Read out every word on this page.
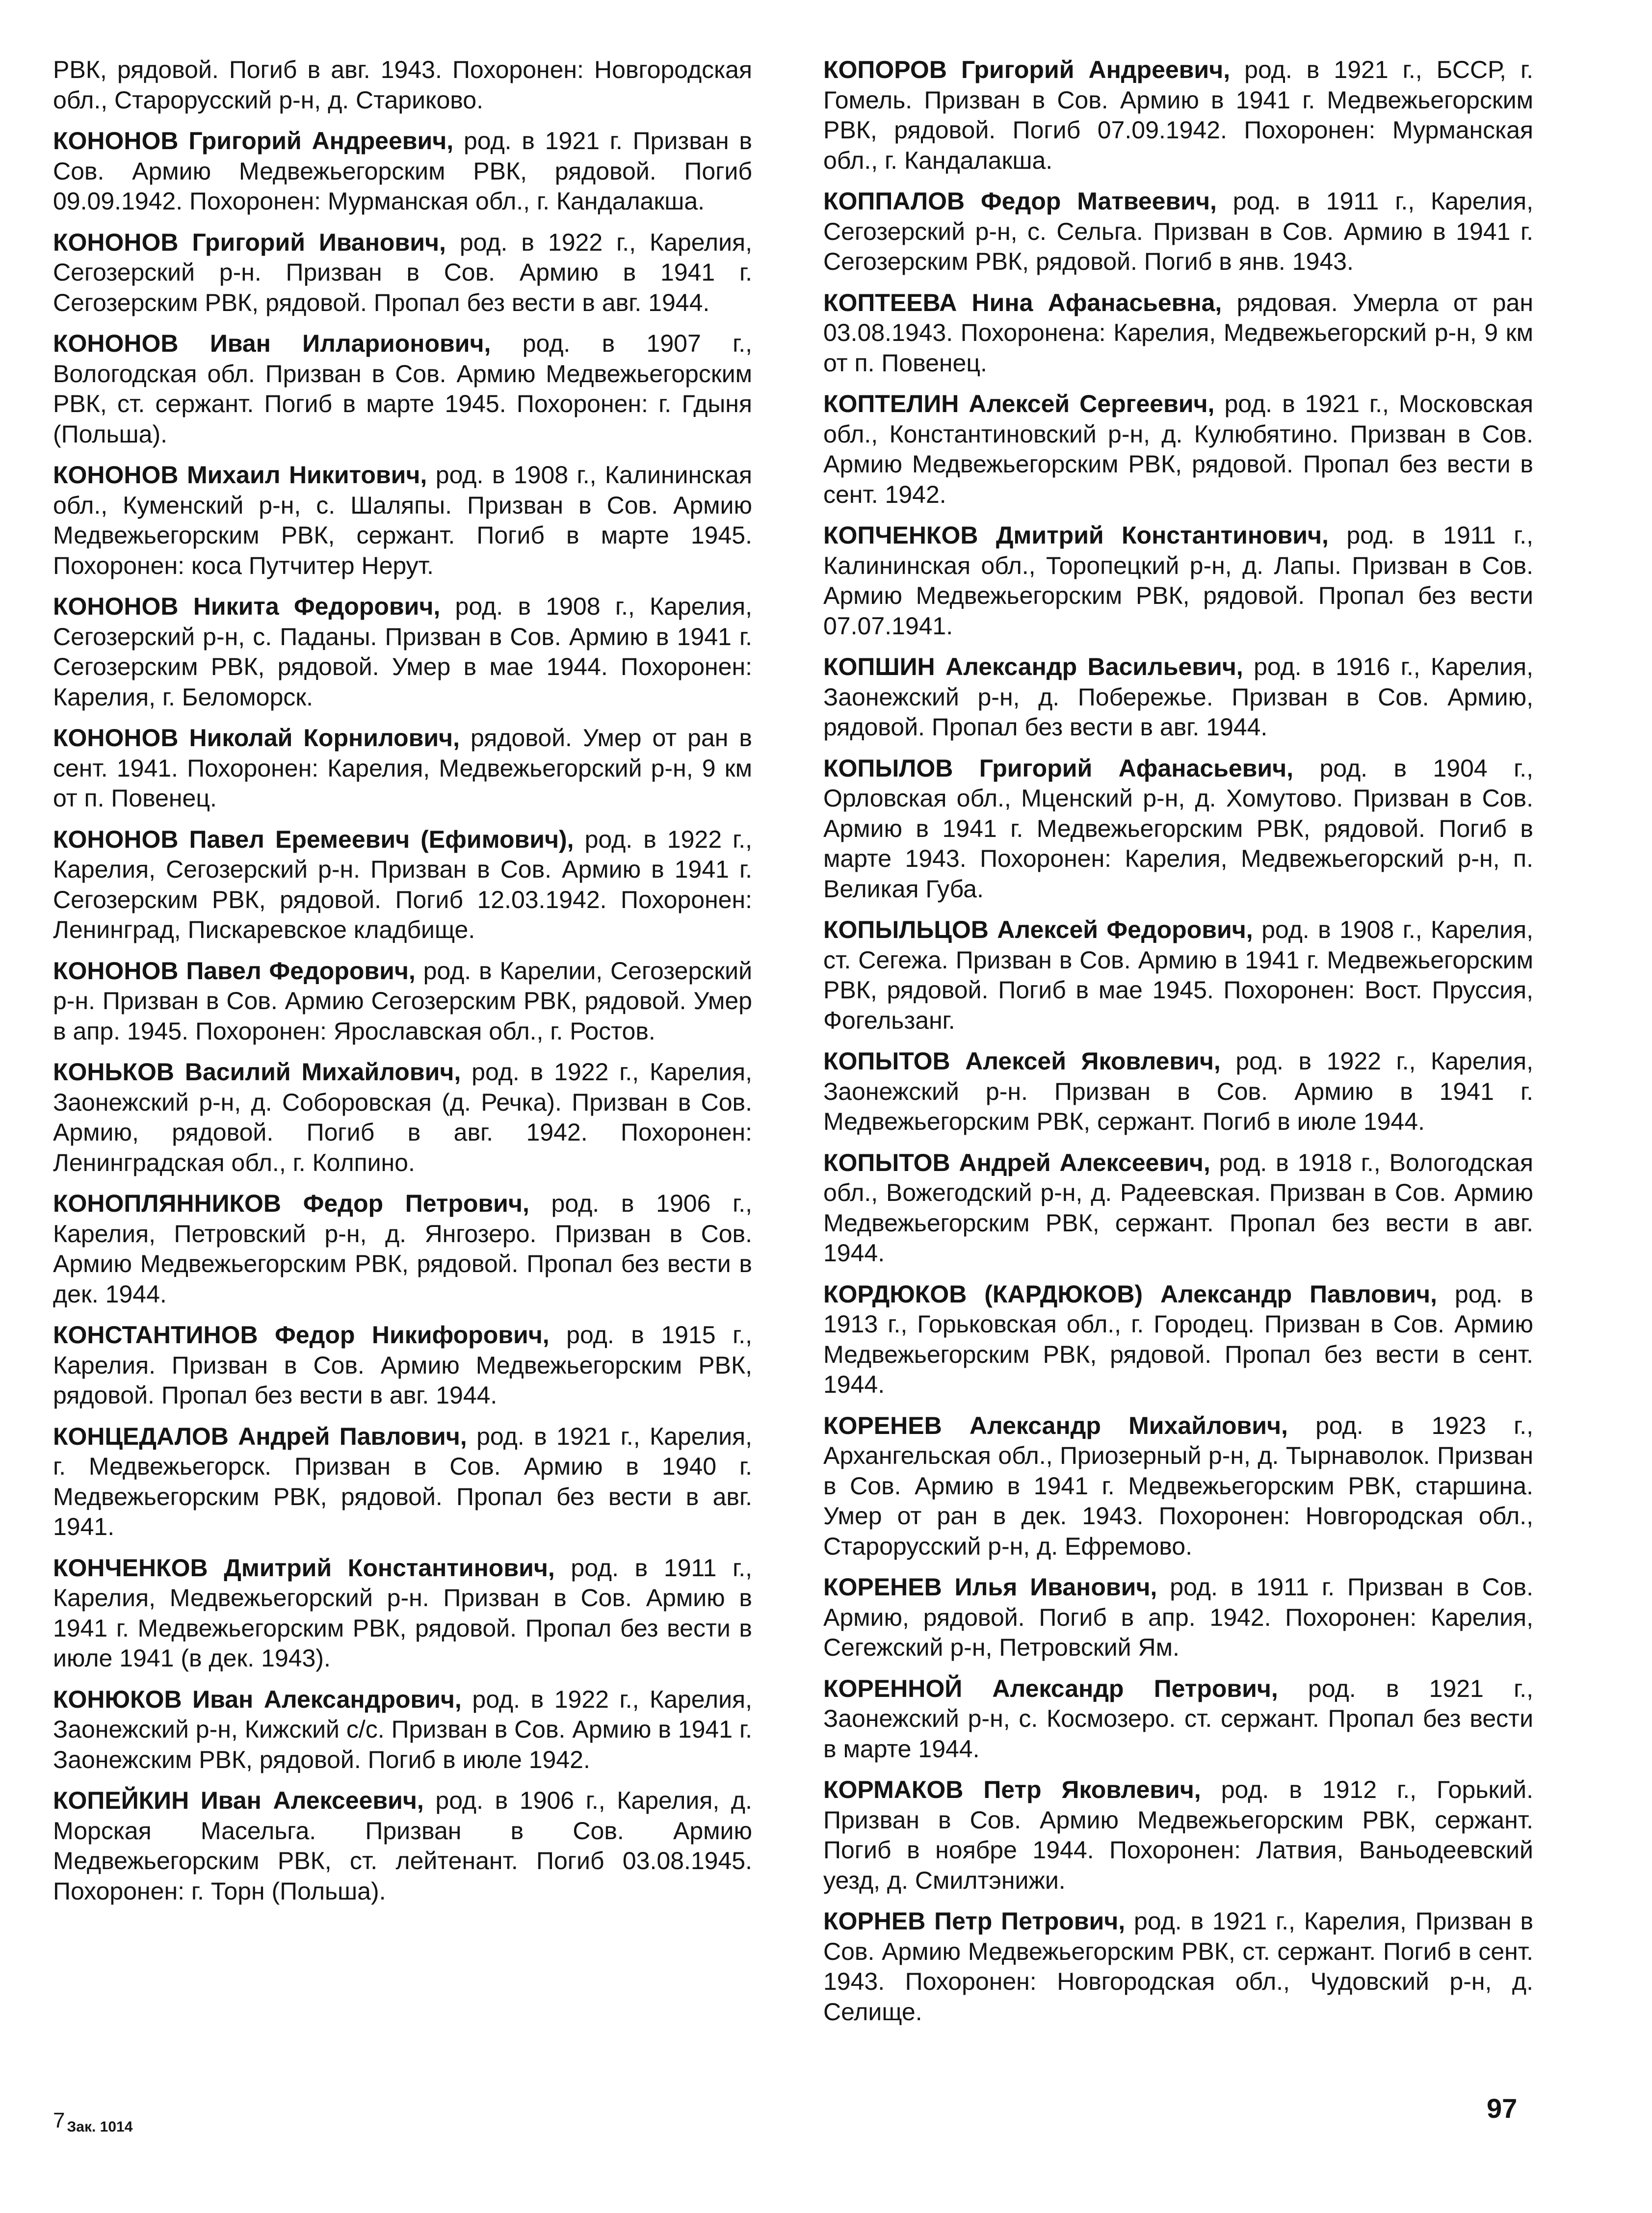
РВК, рядовой. Погиб в авг. 1943. Похоронен: Новгородская обл., Старорусский р-н, д. Стариково.

КОНОНОВ Григорий Андреевич, род. в 1921 г. Призван в Сов. Армию Медвежьегорским РВК, рядовой. Погиб 09.09.1942. Похоронен: Мурманская обл., г. Кандалакша.

КОНОНОВ Григорий Иванович, род. в 1922 г., Карелия, Сегозерский р-н. Призван в Сов. Армию в 1941 г. Сегозерским РВК, рядовой. Пропал без вести в авг. 1944.

КОНОНОВ Иван Илларионович, род. в 1907 г., Вологодская обл. Призван в Сов. Армию Медвежьегорским РВК, ст. сержант. Погиб в марте 1945. Похоронен: г. Гдыня (Польша).

КОНОНОВ Михаил Никитович, род. в 1908 г., Калининская обл., Куменский р-н, с. Шаляпы. Призван в Сов. Армию Медвежьегорским РВК, сержант. Погиб в марте 1945. Похоронен: коса Путчитер Нерут.

КОНОНОВ Никита Федорович, род. в 1908 г., Карелия, Сегозерский р-н, с. Паданы. Призван в Сов. Армию в 1941 г. Сегозерским РВК, рядовой. Умер в мае 1944. Похоронен: Карелия, г. Беломорск.

КОНОНОВ Николай Корнилович, рядовой. Умер от ран в сент. 1941. Похоронен: Карелия, Медвежьегорский р-н, 9 км от п. Повенец.

КОНОНОВ Павел Еремеевич (Ефимович), род. в 1922 г., Карелия, Сегозерский р-н. Призван в Сов. Армию в 1941 г. Сегозерским РВК, рядовой. Погиб 12.03.1942. Похоронен: Ленинград, Пискаревское кладбище.

КОНОНОВ Павел Федорович, род. в Карелии, Сегозерский р-н. Призван в Сов. Армию Сегозерским РВК, рядовой. Умер в апр. 1945. Похоронен: Ярославская обл., г. Ростов.

КОНЬКОВ Василий Михайлович, род. в 1922 г., Карелия, Заонежский р-н, д. Соборовская (д. Речка). Призван в Сов. Армию, рядовой. Погиб в авг. 1942. Похоронен: Ленинградская обл., г. Колпино.

КОНОПЛЯННИКОВ Федор Петрович, род. в 1906 г., Карелия, Петровский р-н, д. Янгозеро. Призван в Сов. Армию Медвежьегорским РВК, рядовой. Пропал без вести в дек. 1944.

КОНСТАНТИНОВ Федор Никифорович, род. в 1915 г., Карелия. Призван в Сов. Армию Медвежьегорским РВК, рядовой. Пропал без вести в авг. 1944.

КОНЦЕДАЛОВ Андрей Павлович, род. в 1921 г., Карелия, г. Медвежьегорск. Призван в Сов. Армию в 1940 г. Медвежьегорским РВК, рядовой. Пропал без вести в авг. 1941.

КОНЧЕНКОВ Дмитрий Константинович, род. в 1911 г., Карелия, Медвежьегорский р-н. Призван в Сов. Армию в 1941 г. Медвежьегорским РВК, рядовой. Пропал без вести в июле 1941 (в дек. 1943).

КОНЮКОВ Иван Александрович, род. в 1922 г., Карелия, Заонежский р-н, Кижский с/с. Призван в Сов. Армию в 1941 г. Заонежским РВК, рядовой. Погиб в июле 1942.

КОПЕЙКИН Иван Алексеевич, род. в 1906 г., Карелия, д. Морская Масельга. Призван в Сов. Армию Медвежьегорским РВК, ст. лейтенант. Погиб 03.08.1945. Похоронен: г. Торн (Польша).

КОПОРОВ Григорий Андреевич, род. в 1921 г., БССР, г. Гомель. Призван в Сов. Армию в 1941 г. Медвежьегорским РВК, рядовой. Погиб 07.09.1942. Похоронен: Мурманская обл., г. Кандалакша.

КОППАЛОВ Федор Матвеевич, род. в 1911 г., Карелия, Сегозерский р-н, с. Сельга. Призван в Сов. Армию в 1941 г. Сегозерским РВК, рядовой. Погиб в янв. 1943.

КОПТЕЕВА Нина Афанасьевна, рядовая. Умерла от ран 03.08.1943. Похоронена: Карелия, Медвежьегорский р-н, 9 км от п. Повенец.

КОПТЕЛИН Алексей Сергеевич, род. в 1921 г., Московская обл., Константиновский р-н, д. Кулюбятино. Призван в Сов. Армию Медвежьегорским РВК, рядовой. Пропал без вести в сент. 1942.

КОПЧЕНКОВ Дмитрий Константинович, род. в 1911 г., Калининская обл., Торопецкий р-н, д. Лапы. Призван в Сов. Армию Медвежьегорским РВК, рядовой. Пропал без вести 07.07.1941.

КОПШИН Александр Васильевич, род. в 1916 г., Карелия, Заонежский р-н, д. Побережье. Призван в Сов. Армию, рядовой. Пропал без вести в авг. 1944.

КОПЫЛОВ Григорий Афанасьевич, род. в 1904 г., Орловская обл., Мценский р-н, д. Хомутово. Призван в Сов. Армию в 1941 г. Медвежьегорским РВК, рядовой. Погиб в марте 1943. Похоронен: Карелия, Медвежьегорский р-н, п. Великая Губа.

КОПЫЛЬЦОВ Алексей Федорович, род. в 1908 г., Карелия, ст. Сегежа. Призван в Сов. Армию в 1941 г. Медвежьегорским РВК, рядовой. Погиб в мае 1945. Похоронен: Вост. Пруссия, Фогельзанг.

КОПЫТОВ Алексей Яковлевич, род. в 1922 г., Карелия, Заонежский р-н. Призван в Сов. Армию в 1941 г. Медвежьегорским РВК, сержант. Погиб в июле 1944.

КОПЫТОВ Андрей Алексеевич, род. в 1918 г., Вологодская обл., Вожегодский р-н, д. Радеевская. Призван в Сов. Армию Медвежьегорским РВК, сержант. Пропал без вести в авг. 1944.

КОРДЮКОВ (КАРДЮКОВ) Александр Павлович, род. в 1913 г., Горьковская обл., г. Городец. Призван в Сов. Армию Медвежьегорским РВК, рядовой. Пропал без вести в сент. 1944.

КОРЕНЕВ Александр Михайлович, род. в 1923 г., Архангельская обл., Приозерный р-н, д. Тырнаволок. Призван в Сов. Армию в 1941 г. Медвежьегорским РВК, старшина. Умер от ран в дек. 1943. Похоронен: Новгородская обл., Старорусский р-н, д. Ефремово.

КОРЕНЕВ Илья Иванович, род. в 1911 г. Призван в Сов. Армию, рядовой. Погиб в апр. 1942. Похоронен: Карелия, Сегежский р-н, Петровский Ям.

КОРЕННОЙ Александр Петрович, род. в 1921 г., Заонежский р-н, с. Космозеро. ст. сержант. Пропал без вести в марте 1944.

КОРМАКОВ Петр Яковлевич, род. в 1912 г., Горький. Призван в Сов. Армию Медвежьегорским РВК, сержант. Погиб в ноябре 1944. Похоронен: Латвия, Ваньодеевский уезд, д. Смилтэнижи.

КОРНЕВ Петр Петрович, род. в 1921 г., Карелия, Призван в Сов. Армию Медвежьегорским РВК, ст. сержант. Погиб в сент. 1943. Похоронен: Новгородская обл., Чудовский р-н, д. Селище.

7 Зак. 1014
97
